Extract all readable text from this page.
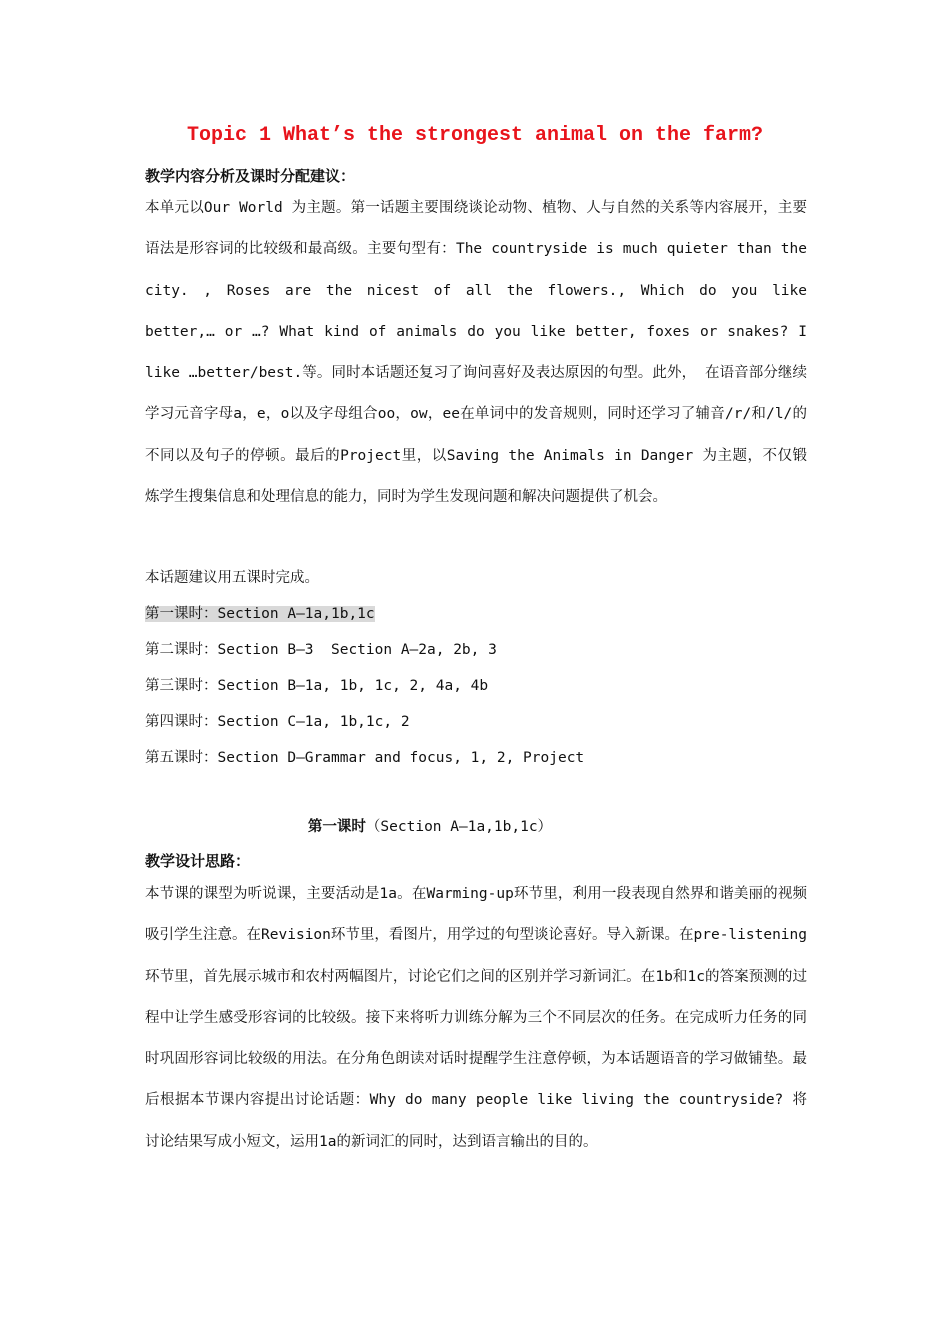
Topic 1 What’s the strongest animal on the farm?
教学内容分析及课时分配建议：

本单元以Our World 为主题。第一话题主要围绕谈论动物、植物、人与自然的关系等内容展开，主要语法是形容词的比较级和最高级。主要句型有：The countryside is much quieter than the city. , Roses are the nicest of all the flowers., Which do you like better,… or …? What kind of animals do you like better, foxes or snakes? I like …better/best.等。同时本话题还复习了询问喜好及表达原因的句型。此外， 在语音部分继续学习元音字母a，e，o以及字母组合oo，ow，ee在单词中的发音规则，同时还学习了辅音/r/和/l/的不同以及句子的停顿。最后的Project里，以Saving the Animals in Danger 为主题，不仅锻炼学生搜集信息和处理信息的能力，同时为学生发现问题和解决问题提供了机会。

本话题建议用五课时完成。
第一课时：Section A—1a,1b,1c
第二课时：Section B—3  Section A—2a, 2b, 3
第三课时：Section B—1a, 1b, 1c, 2, 4a, 4b
第四课时：Section C—1a, 1b,1c, 2
第五课时：Section D—Grammar and focus, 1, 2, Project
第一课时（Section A—1a,1b,1c）
教学设计思路：

本节课的课型为听说课，主要活动是1a。在Warming-up环节里，利用一段表现自然界和谐美丽的视频吸引学生注意。在Revision环节里，看图片，用学过的句型谈论喜好。导入新课。在pre-listening环节里，首先展示城市和农村两幅图片，讨论它们之间的区别并学习新词汇。在1b和1c的答案预测的过程中让学生感受形容词的比较级。接下来将听力训练分解为三个不同层次的任务。在完成听力任务的同时巩固形容词比较级的用法。在分角色朗读对话时提醒学生注意停顿，为本话题语音的学习做铺垫。最后根据本节课内容提出讨论话题：Why do many people like living the countryside? 将讨论结果写成小短文，运用1a的新词汇的同时，达到语言输出的目的。
